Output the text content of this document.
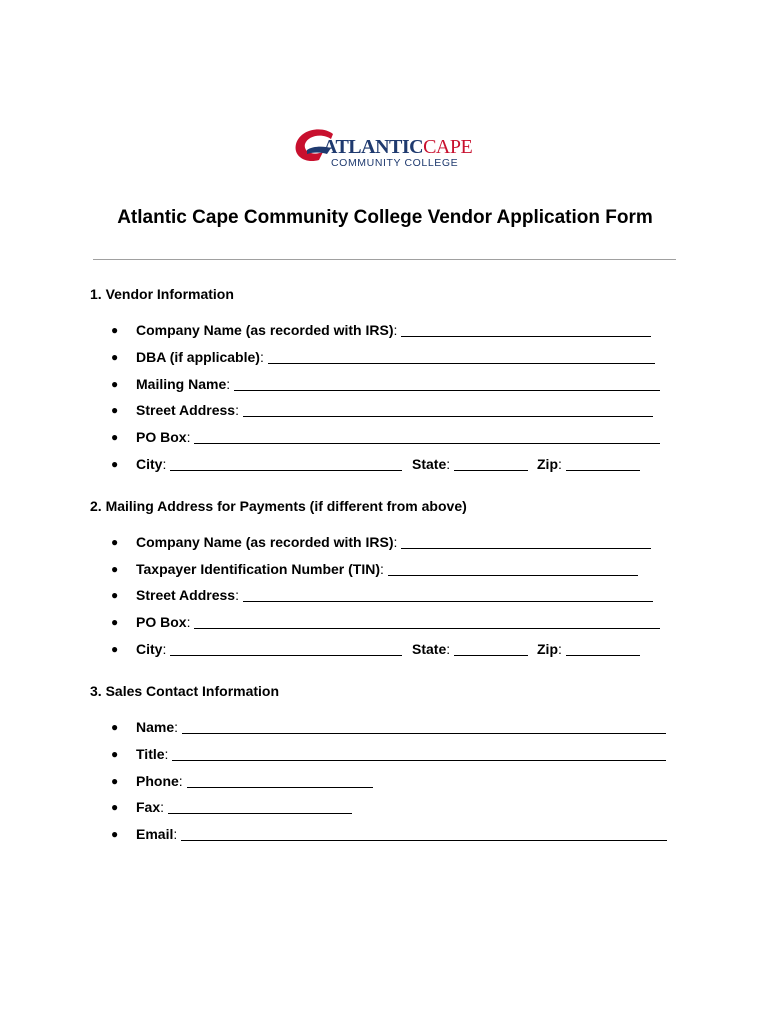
ATLANTICCAPE
COMMUNITY COLLEGE
Atlantic Cape Community College Vendor Application Form
1. Vendor Information
● Company Name (as recorded with IRS) :
● DBA (if applicable) :
● Mailing Name :
● Street Address :
● PO Box :
● City :	State :	Zip :
2. Mailing Address for Payments (if different from above)
● Company Name (as recorded with IRS) :
● Taxpayer Identification Number (TIN) :
● Street Address :
● PO Box :
● City :	State :	Zip :
3. Sales Contact Information
● Name :
● Title :
● Phone :
● Fax :
● Email :
